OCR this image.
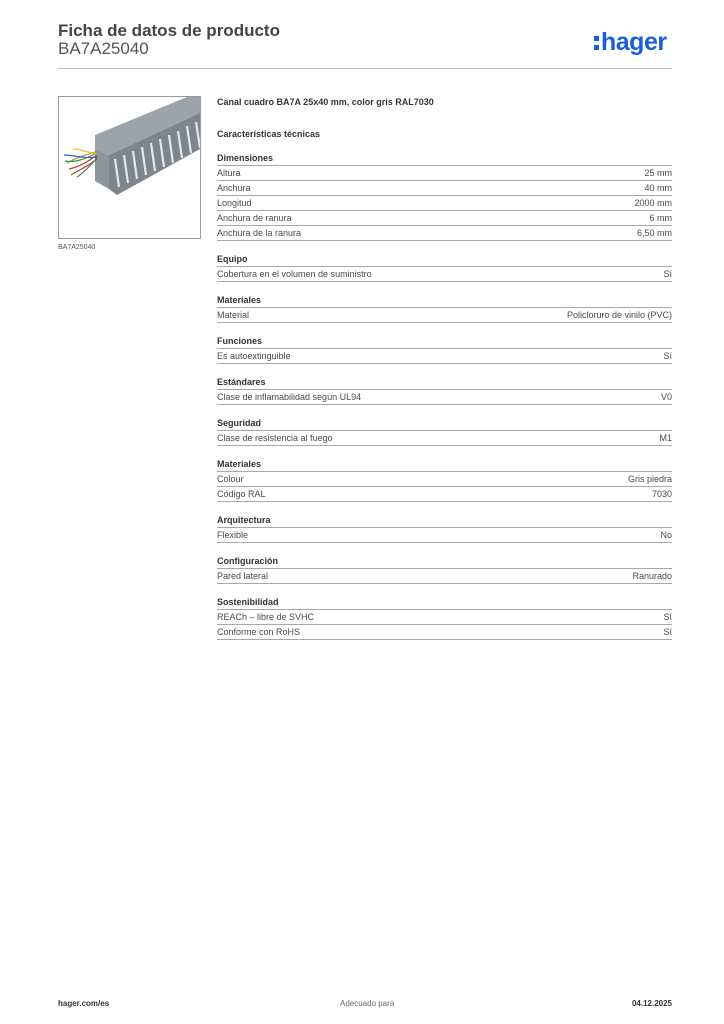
Ficha de datos de producto
BA7A25040	hager
BA7A25040
Canal cuadro BA7A 25x40 mm, color gris RAL7030
Características técnicas
Dimensiones
Altura	25 mm
Anchura	40 mm
Longitud	2000 mm
Anchura de ranura	6 mm
Anchura de la ranura	6,50 mm
Equipo
Cobertura en el volumen de suministro	Sí
Materiales
Material	Policloruro de vinilo (PVC)
Funciones
Es autoextinguible	Sí
Estándares
Clase de inflamabilidad según UL94	V0
Seguridad
Clase de resistencia al fuego	M1
Materiales
Colour	Gris piedra
Código RAL	7030
Arquitectura
Flexible	No
Configuración
Pared lateral	Ranurado
Sostenibilidad
REACh – libre de SVHC	Sí
Conforme con RoHS	Sí
hager.com/es	Adecuado para	04.12.2025
